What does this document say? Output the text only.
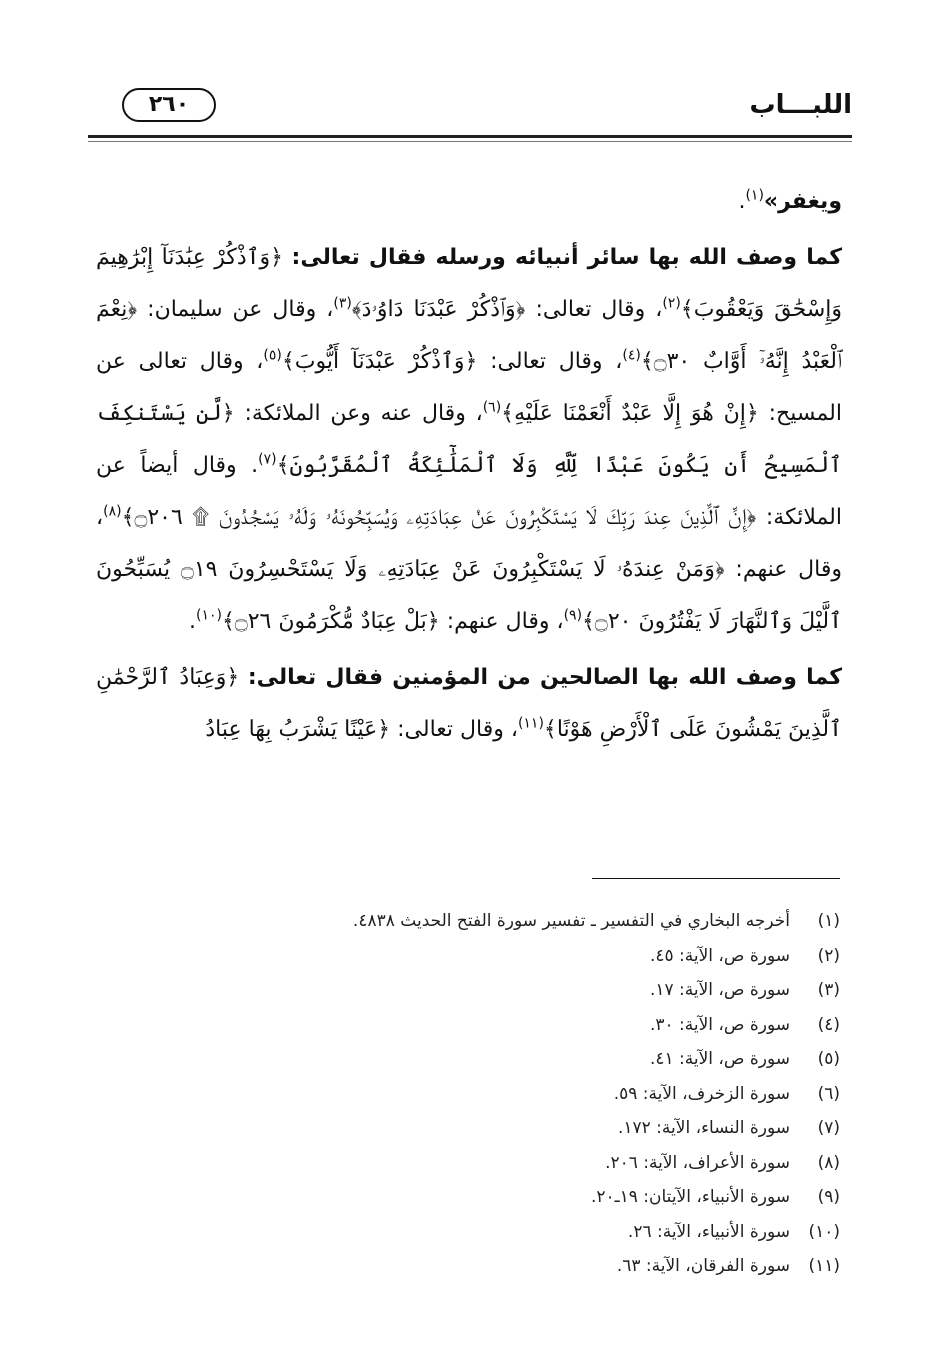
اللبـــاب
٢٦٠

ويغفر»$^{(١)}$.

كما وصف الله بها سائر أنبيائه ورسله فقال تعالى: ﴿وَٱذْكُرْ عِبَٰدَنَآ إِبْرَٰهِيمَ وَإِسْحَٰقَ وَيَعْقُوبَ﴾$^{(٢)}$، وقال تعالى: ﴿وَٱذْكُرْ عَبْدَنَا دَاوُۥدَ﴾$^{(٣)}$، وقال عن سليمان: ﴿نِعْمَ ٱلْعَبْدُ إِنَّهُۥٓ أَوَّابٌ ۝٣٠﴾$^{(٤)}$، وقال تعالى: ﴿وَٱذْكُرْ عَبْدَنَآ أَيُّوبَ﴾$^{(٥)}$، وقال تعالى عن المسيح: ﴿إِنْ هُوَ إِلَّا عَبْدٌ أَنْعَمْنَا عَلَيْهِ﴾$^{(٦)}$، وقال عنه وعن الملائكة: ﴿لَّن يَسْتَنكِفَ ٱلْمَسِيحُ أَن يَكُونَ عَبْدًا لِّلَّهِ وَلَا ٱلْمَلَٰٓئِكَةُ ٱلْمُقَرَّبُونَ﴾$^{(٧)}$. وقال أيضاً عن الملائكة: ﴿إِنَّ ٱلَّذِينَ عِندَ رَبِّكَ لَا يَسْتَكْبِرُونَ عَنْ عِبَادَتِهِۦ وَيُسَبِّحُونَهُۥ وَلَهُۥ يَسْجُدُونَ ۩ ۝٢٠٦﴾$^{(٨)}$، وقال عنهم: ﴿وَمَنْ عِندَهُۥ لَا يَسْتَكْبِرُونَ عَنْ عِبَادَتِهِۦ وَلَا يَسْتَحْسِرُونَ ۝١٩ يُسَبِّحُونَ ٱلَّيْلَ وَٱلنَّهَارَ لَا يَفْتُرُونَ ۝٢٠﴾$^{(٩)}$، وقال عنهم: ﴿بَلْ عِبَادٌ مُّكْرَمُونَ ۝٢٦﴾$^{(١٠)}$.

كما وصف الله بها الصالحين من المؤمنين فقال تعالى: ﴿وَعِبَادُ ٱلرَّحْمَٰنِ ٱلَّذِينَ يَمْشُونَ عَلَى ٱلْأَرْضِ هَوْنًا﴾$^{(١١)}$، وقال تعالى: ﴿عَيْنًا يَشْرَبُ بِهَا عِبَادُ

(١)
أخرجه البخاري في التفسير ـ تفسير سورة الفتح الحديث ٤٨٣٨.
(٢)
سورة ص، الآية: ٤٥.
(٣)
سورة ص، الآية: ١٧.
(٤)
سورة ص، الآية: ٣٠.
(٥)
سورة ص، الآية: ٤١.
(٦)
سورة الزخرف، الآية: ٥٩.
(٧)
سورة النساء، الآية: ١٧٢.
(٨)
سورة الأعراف، الآية: ٢٠٦.
(٩)
سورة الأنبياء، الآيتان: ١٩ـ٢٠.
(١٠)
سورة الأنبياء، الآية: ٢٦.
(١١)
سورة الفرقان، الآية: ٦٣.
